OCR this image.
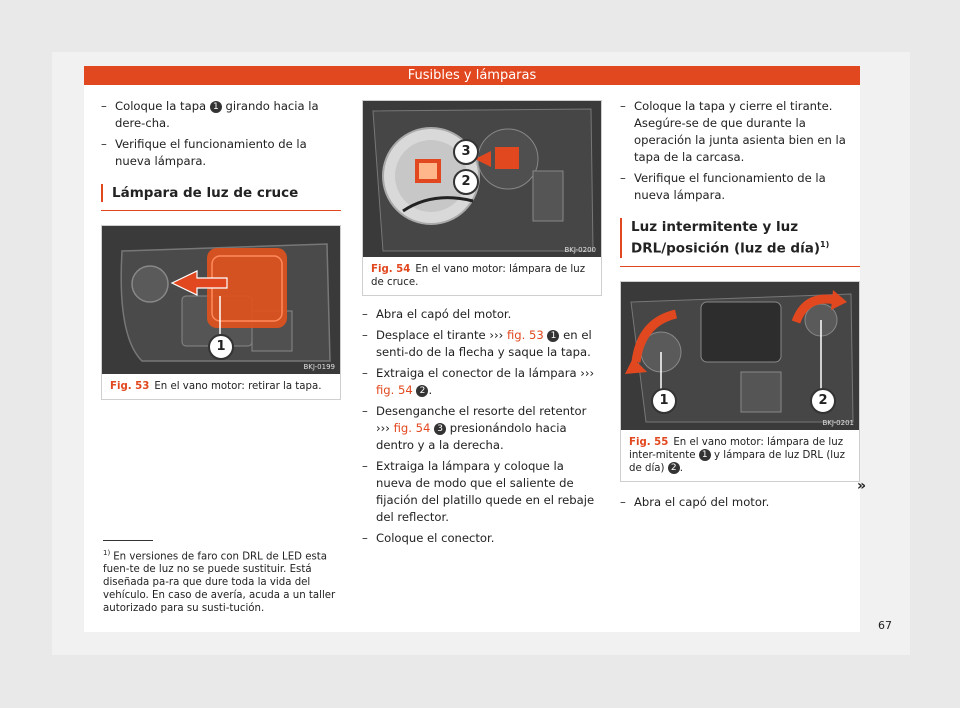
Fusibles y lámparas
– Coloque la tapa 1 girando hacia la dere-cha.
– Verifique el funcionamiento de la nueva lámpara.
Lámpara de luz de cruce
1
BKJ-0199
Fig. 53 En el vano motor: retirar la tapa.
3
2
BKJ-0200
Fig. 54 En el vano motor: lámpara de luz de cruce.
– Abra el capó del motor.
– Desplace el tirante ››› fig. 53 1 en el senti-do de la flecha y saque la tapa.
– Extraiga el conector de la lámpara ››› fig. 54 2 .
– Desenganche el resorte del retentor ››› fig. 54 3 presionándolo hacia dentro y a la derecha.
– Extraiga la lámpara y coloque la nueva de modo que el saliente de fijación del platillo quede en el rebaje del reflector.
– Coloque el conector.
– Coloque la tapa y cierre el tirante. Asegúre-se de que durante la operación la junta asienta bien en la tapa de la carcasa.
– Verifique el funcionamiento de la nueva lámpara.
Luz intermitente y luz DRL/posición (luz de día)$^{1)}$
1	2
BKJ-0201
Fig. 55 En el vano motor: lámpara de luz inter-mitente 1 y lámpara de luz DRL (luz de día) 2 .
– Abra el capó del motor.
»
$^{1)}$ En versiones de faro con DRL de LED esta fuen-te de luz no se puede sustituir. Está diseñada pa-ra que dure toda la vida del vehículo. En caso de avería, acuda a un taller autorizado para su susti-tución.
67
